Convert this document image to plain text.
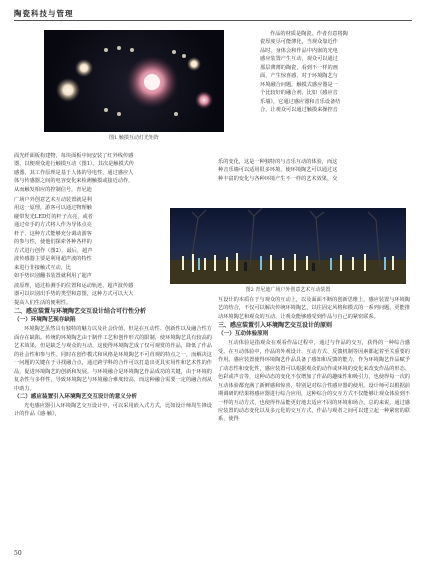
陶瓷科技与管理
图1 触摸互动灯光矩阵

作品的材质是陶瓷，作者有意将陶

瓷厚度尽可能薄化，当观众靠近作

品时，身体会和作品中内嵌的光电

感应装置产生互动，观众可以通过

那层薄薄的陶瓷，看到不一样的画

面，产生惊喜感，对于环境陶艺与

环境融合问题，触摸式感应器是一

个比较好的融合剂，比如《感应音

乐墙》，它通过感应器和音乐设备结

合，让观众可以通过触摸来操控音

乐的变化，这是一种独特的与音乐互动的体验，而这

种音乐墙可以适用很多环境，使环境陶艺可以通过这

种丰富的变化与各种环境产生不一样的艺术效果，交

面光纤面板构建物，每块面板中间安装了红外线传感

器，以便观众进行触摸互动（图1）。其次是触摸式传

感器，其工作原理是基于人体的导电性，通过感应人

体与传感器之间的电容变化来检测触摸或接近动作，

从而触发相应的控制信号，青尼迪

广场户外创意艺术互动装置就是利

用这一原理，游客可以通过物理触

碰带发光LED灯的杆子点亮，或者

通过牵手的方式将人作为导体点亮

杆子，这种方式能够充分调动游客

的参与性，使他们探索各种各样的

方式进行创作（图2）。最后，超声

波传感器主要是利用超声波的特性

来进行非接触式互动，比

如手势识别翻书装置就利用了超声

图2 青尼迪广场户外创意艺术互动装置

波原理，通过检测手的位置和运动轨迹，超声波传感

器可以识别出手势的类型和意图，这种方式可以大大

提高人们生活的便利性。

二、感应装置与环境陶艺交互设计结合可行性分析
（一）环境陶艺现存缺陷

环境陶艺虽然具有独特的魅力以及社会价值，但是在互动性、创新性以及融合性方面存在缺陷。传统的环境陶艺由于制作工艺和创作形式的限制，使环境陶艺具有较高的艺术效果，但是缺乏与观众的互动，这使得环境陶艺成了仅可观赏的作品，降低了作品的社会性和参与性。同时在创作模式和风格是环境陶艺不可直观的特点之一，而解决这一问题的关键在于寻找融合点，通过跨学科的合作可以打造出更具实用性和艺术性的作品，促进环境陶艺的创新和发展。与环境融合是环境陶艺作品成功的关键，由于环境的复杂性与多样性，导致环境陶艺与环境融合难度较高，而这种融合需要一定的融合剂从中助力。

（二）感应装置引入环境陶艺交互设计的意义分析

光电感应器引入环境陶艺交互设计中，可以采用嵌入式方式，比如设计师周生锋设计的作品《感·触》，

互设计的本质在于与观众的互动上，以及面面不断的创新思维上，感应装置与环境陶艺的结合，不仅可以解决传统环境陶艺，以往固定风格和模式的一系列问题，更能推动环境陶艺和观众的互动，让观众能够感受到作品与自己的紧密联系。

三、感应装置引入环境陶艺交互设计的原则
（一）互动体验原则

互动体验是指观众在观看作品过程中，通过与作品的交互，获得的一种综合感受。在互动体验中，作品的外观设计、互动方式、反馈机制等因素都起着至关重要的作用。感应装置使得环境陶艺作品具备了感知和反馈的能力，作为环境陶艺作品赋予了动态性和变化性，感应装置可以根据观众的动作或环境的变化来改变作品的形态、色彩或声音等，这种动态的变化不仅增加了作品的趣味性和吸引力，也使得每一次的互动体验都充满了新鲜感和惊喜，特别是对综合性感应器的使用。设计师可以根据前期调研的结果将感应器进行综合应用，这种综合的交互方式不仅能够让观众体验到不一样的互动方式，也使得作品能更好地去适应不同的环境和场合，总的来说，通过感应装置的动态变化以及多元化的交互方式，作品与观者之间可以建立起一种紧密的联系，使得

50
